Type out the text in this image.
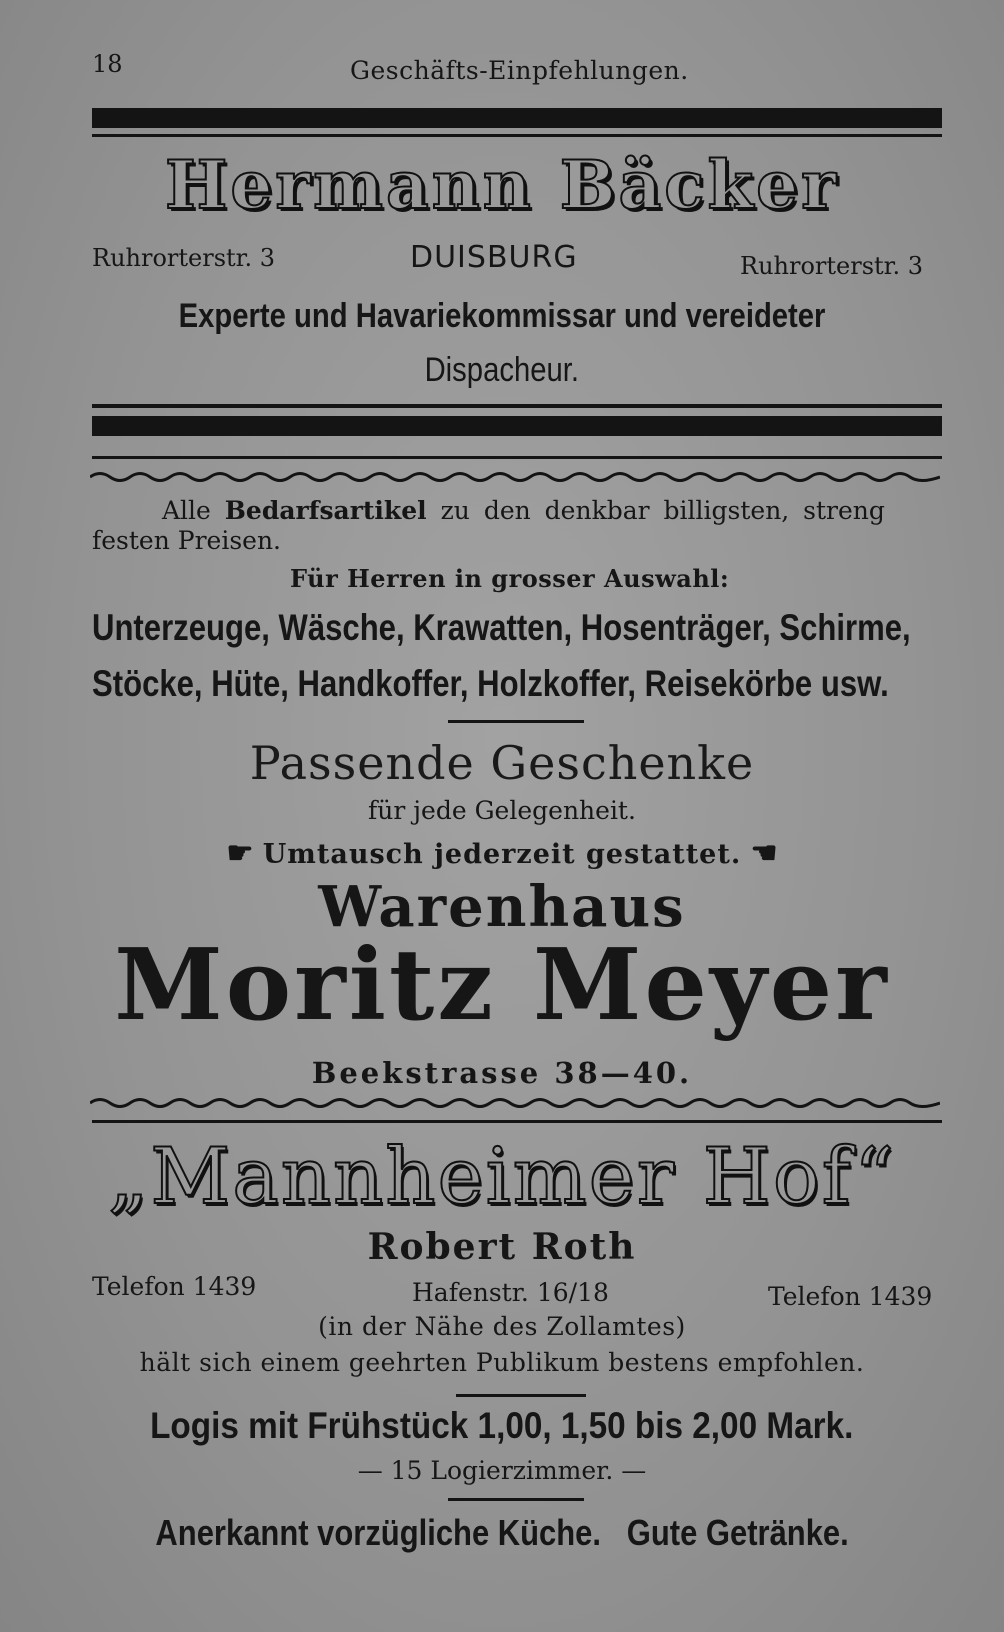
18	Geschäfts-Einpfehlungen.
Hermann Bäcker
Ruhrorterstr. 3	DUISBURG	Ruhrorterstr. 3
Experte und Havariekommissar und vereideter
Dispacheur.
Alle Bedarfsartikel zu den denkbar billigsten, streng
festen Preisen.
Für Herren in grosser Auswahl:
Unterzeuge, Wäsche, Krawatten, Hosenträger, Schirme,
Stöcke, Hüte, Handkoffer, Holzkoffer, Reisekörbe usw.
Passende Geschenke
für jede Gelegenheit.
☛ Umtausch jederzeit gestattet. ☚
Warenhaus
Moritz Meyer
Beekstrasse 38—40.
„Mannheimer Hof“
Robert Roth
Telefon 1439	Hafenstr. 16/18	Telefon 1439
(in der Nähe des Zollamtes)
hält sich einem geehrten Publikum bestens empfohlen.
Logis mit Frühstück 1,00, 1,50 bis 2,00 Mark.
— 15 Logierzimmer. —
Anerkannt vorzügliche Küche.   Gute Getränke.
